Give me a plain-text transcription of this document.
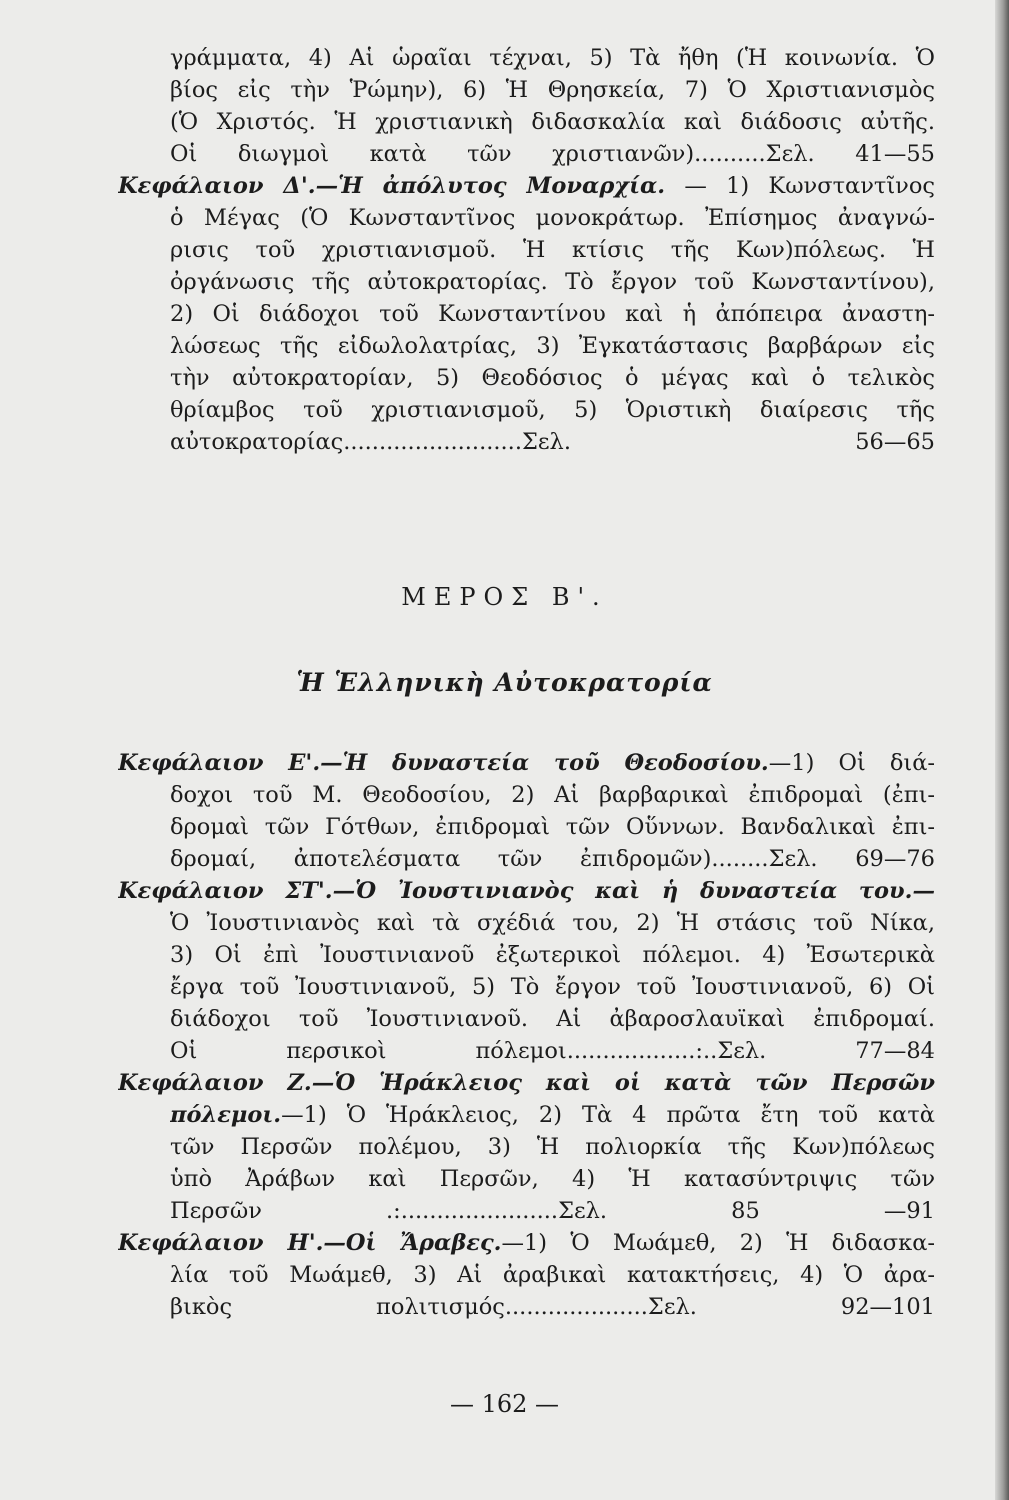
γράμματα, 4) Αἱ ὡραῖαι τέχναι, 5) Τὰ ἤθη (Ἡ κοινωνία. Ὁ

βίος εἰς τὴν Ῥώμην), 6) Ἡ Θρησκεία, 7) Ὁ Χριστιανισμὸς

(Ὁ Χριστός. Ἡ χριστιανικὴ διδασκαλία καὶ διάδοσις αὐτῆς.

Οἱ διωγμοὶ κατὰ τῶν χριστιανῶν)..........Σελ. 41—55

Κεφάλαιον Δ'.—Ἡ ἀπόλυτος Μοναρχία. — 1) Κωνσταντῖνος

ὁ Μέγας (Ὁ Κωνσταντῖνος μονοκράτωρ. Ἐπίσημος ἀναγνώ-

ρισις τοῦ χριστιανισμοῦ. Ἡ κτίσις τῆς Κων)πόλεως. Ἡ

ὀργάνωσις τῆς αὐτοκρατορίας. Τὸ ἔργον τοῦ Κωνσταντίνου),

2) Οἱ διάδοχοι τοῦ Κωνσταντίνου καὶ ἡ ἀπόπειρα ἀναστη-

λώσεως τῆς εἰδωλολατρίας, 3) Ἐγκατάστασις βαρβάρων εἰς

τὴν αὐτοκρατορίαν, 5) Θεοδόσιος ὁ μέγας καὶ ὁ τελικὸς

θρίαμβος τοῦ χριστιανισμοῦ, 5) Ὁριστικὴ διαίρεσις τῆς

αὐτοκρατορίας.........................Σελ. 56—65

ΜΕΡΟΣ Β'.
Ἡ Ἑλληνικὴ Αὐτοκρατορία

Κεφάλαιον Ε'.—Ἡ δυναστεία τοῦ Θεοδοσίου.—1) Οἱ διά-

δοχοι τοῦ Μ. Θεοδοσίου, 2) Αἱ βαρβαρικαὶ ἐπιδρομαὶ (ἐπι-

δρομαὶ τῶν Γότθων, ἐπιδρομαὶ τῶν Οὕννων. Βανδαλικαὶ ἐπι-

δρομαί, ἀποτελέσματα τῶν ἐπιδρομῶν)........Σελ. 69—76

Κεφάλαιον ΣΤ'.—Ὁ Ἰουστινιανὸς καὶ ἡ δυναστεία του.—

Ὁ Ἰουστινιανὸς καὶ τὰ σχέδιά του, 2) Ἡ στάσις τοῦ Νίκα,

3) Οἱ ἐπὶ Ἰουστινιανοῦ ἐξωτερικοὶ πόλεμοι. 4) Ἐσωτερικὰ

ἔργα τοῦ Ἰουστινιανοῦ, 5) Τὸ ἔργον τοῦ Ἰουστινιανοῦ, 6) Οἱ

διάδοχοι τοῦ Ἰουστινιανοῦ. Αἱ ἀβαροσλαυϊκαὶ ἐπιδρομαί.

Οἱ περσικοὶ πόλεμοι..................:..Σελ. 77—84

Κεφάλαιον Ζ.—Ὁ Ἡράκλειος καὶ οἱ κατὰ τῶν Περσῶν

πόλεμοι.—1) Ὁ Ἡράκλειος, 2) Τὰ 4 πρῶτα ἔτη τοῦ κατὰ

τῶν Περσῶν πολέμου, 3) Ἡ πολιορκία τῆς Κων)πόλεως

ὑπὸ Ἀράβων καὶ Περσῶν, 4) Ἡ κατασύντριψις τῶν

Περσῶν .:......................Σελ. 85 —91

Κεφάλαιον Η'.—Οἱ Ἄραβες.—1) Ὁ Μωάμεθ, 2) Ἡ διδασκα-

λία τοῦ Μωάμεθ, 3) Αἱ ἀραβικαὶ κατακτήσεις, 4) Ὁ ἀρα-

βικὸς πολιτισμός....................Σελ. 92—101

— 162 —
